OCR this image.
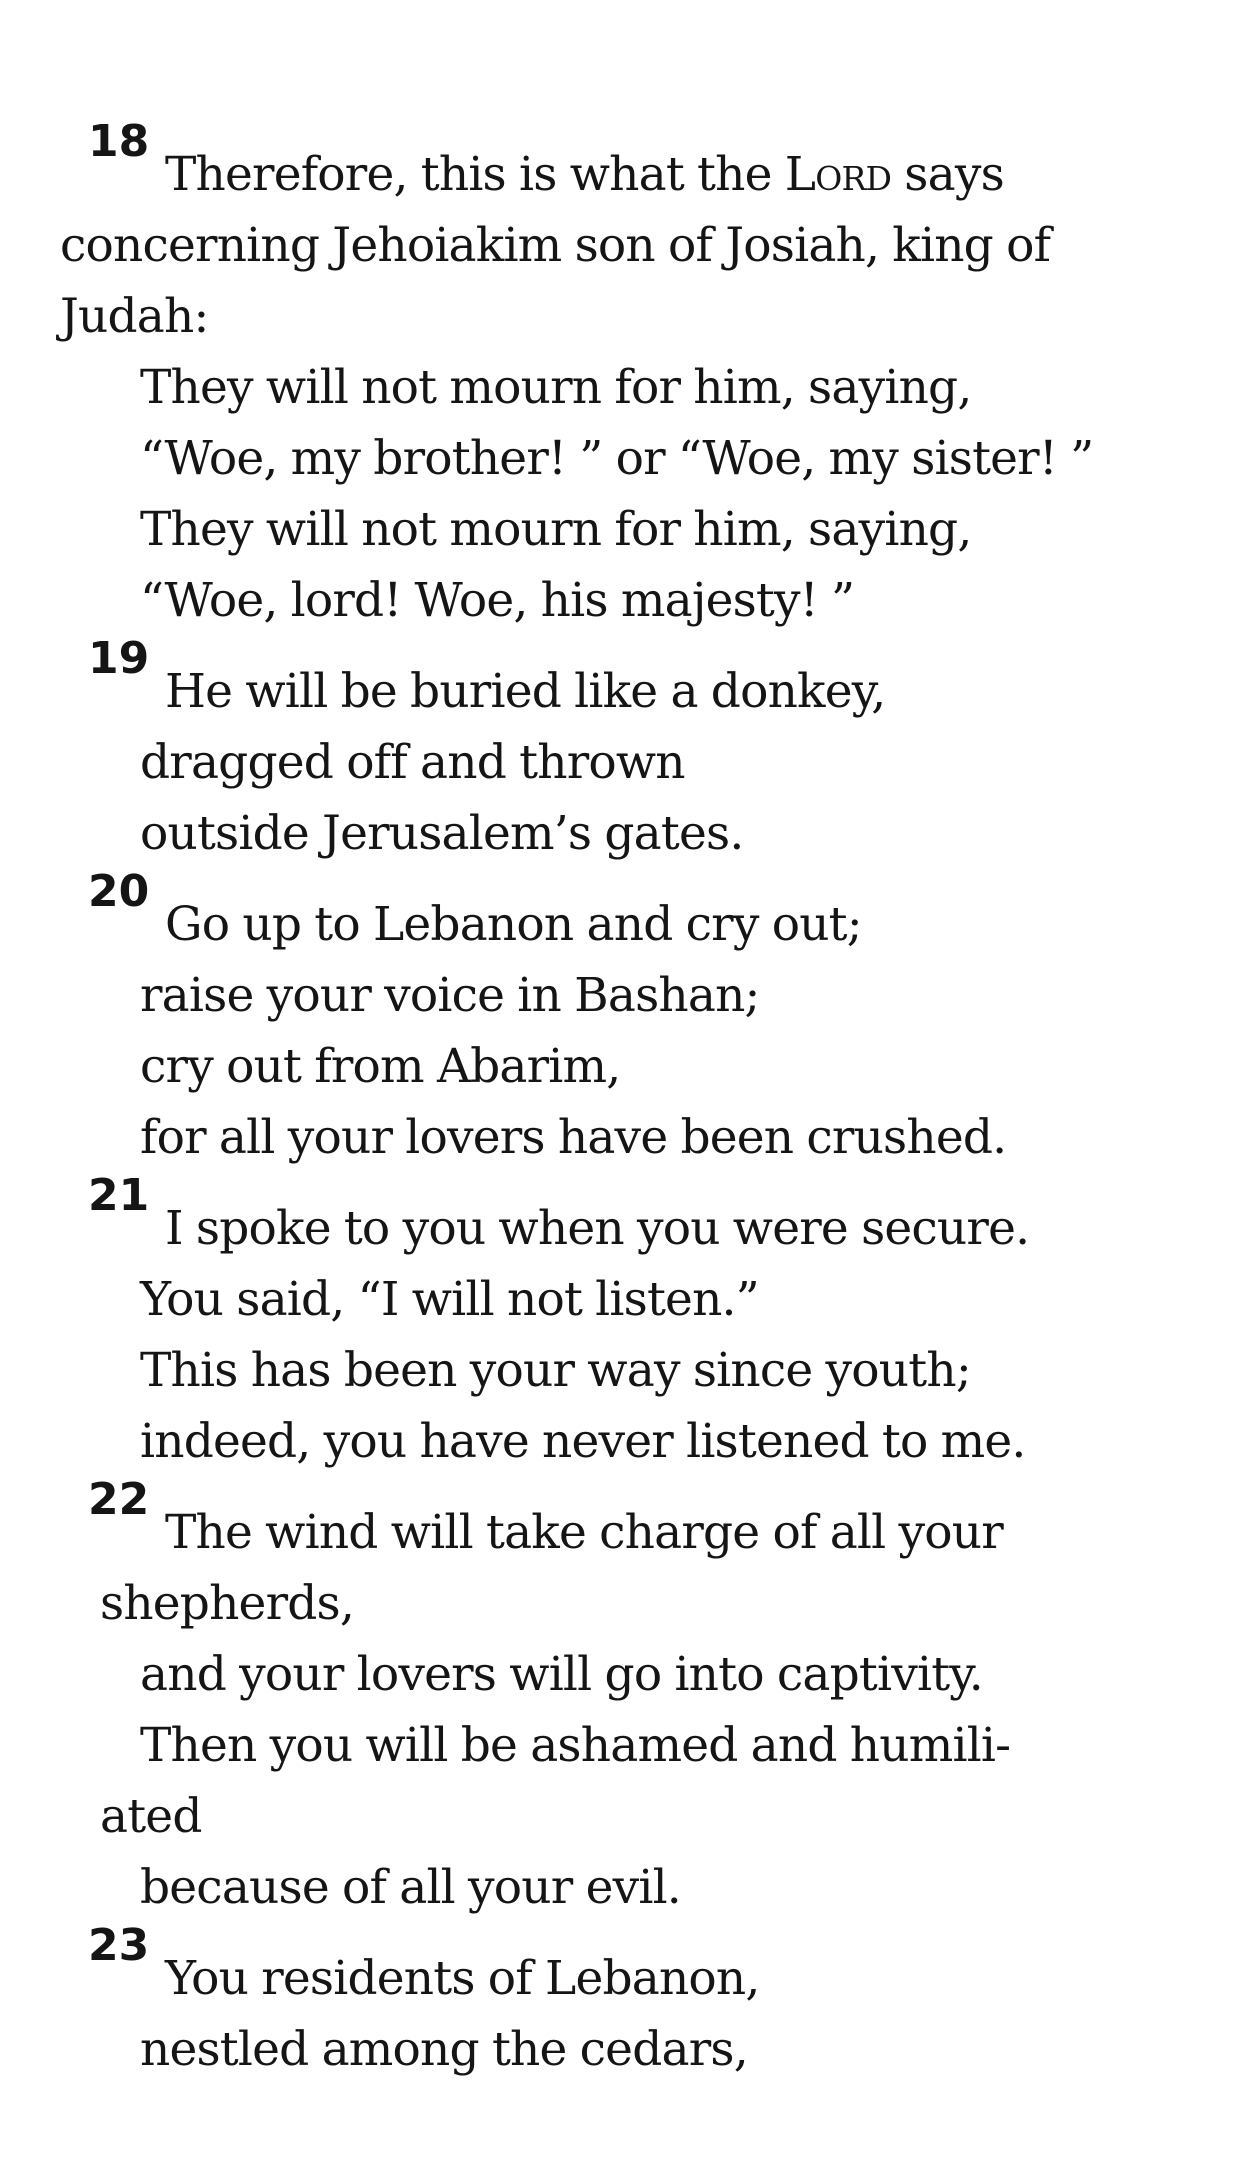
18
Therefore, this is what the Lord says
concerning Jehoiakim son of Josiah, king of
Judah:
They will not mourn for him, saying,
“Woe, my brother! ” or “Woe, my sister! ”
They will not mourn for him, saying,
“Woe, lord! Woe, his majesty! ”
19
He will be buried like a donkey,
dragged off and thrown
outside Jerusalem’s gates.
20
Go up to Lebanon and cry out;
raise your voice in Bashan;
cry out from Abarim,
for all your lovers have been crushed.
21
I spoke to you when you were secure.
You said, “I will not listen.”
This has been your way since youth;
indeed, you have never listened to me.
22
The wind will take charge of all your
shepherds,
and your lovers will go into captivity.
Then you will be ashamed and humili-
ated
because of all your evil.
23
You residents of Lebanon,
nestled among the cedars,
